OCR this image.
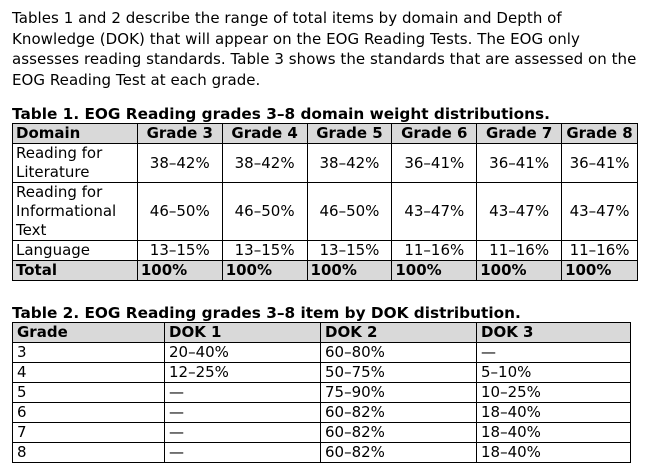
Tables 1 and 2 describe the range of total items by domain and Depth of Knowledge (DOK) that will appear on the EOG Reading Tests. The EOG only assesses reading standards. Table 3 shows the standards that are assessed on the EOG Reading Test at each grade.
Table 1. EOG Reading grades 3–8 domain weight distributions.
Domain	Grade 3	Grade 4	Grade 5	Grade 6	Grade 7	Grade 8
Reading for Literature	38–42%	38–42%	38–42%	36–41%	36–41%	36–41%
Reading for Informational Text	46–50%	46–50%	46–50%	43–47%	43–47%	43–47%
Language	13–15%	13–15%	13–15%	11–16%	11–16%	11–16%
Total	100%	100%	100%	100%	100%	100%
Table 2. EOG Reading grades 3–8 item by DOK distribution.
Grade	DOK 1	DOK 2	DOK 3
3	20–40%	60–80%	—
4	12–25%	50–75%	5–10%
5	—	75–90%	10–25%
6	—	60–82%	18–40%
7	—	60–82%	18–40%
8	—	60–82%	18–40%
